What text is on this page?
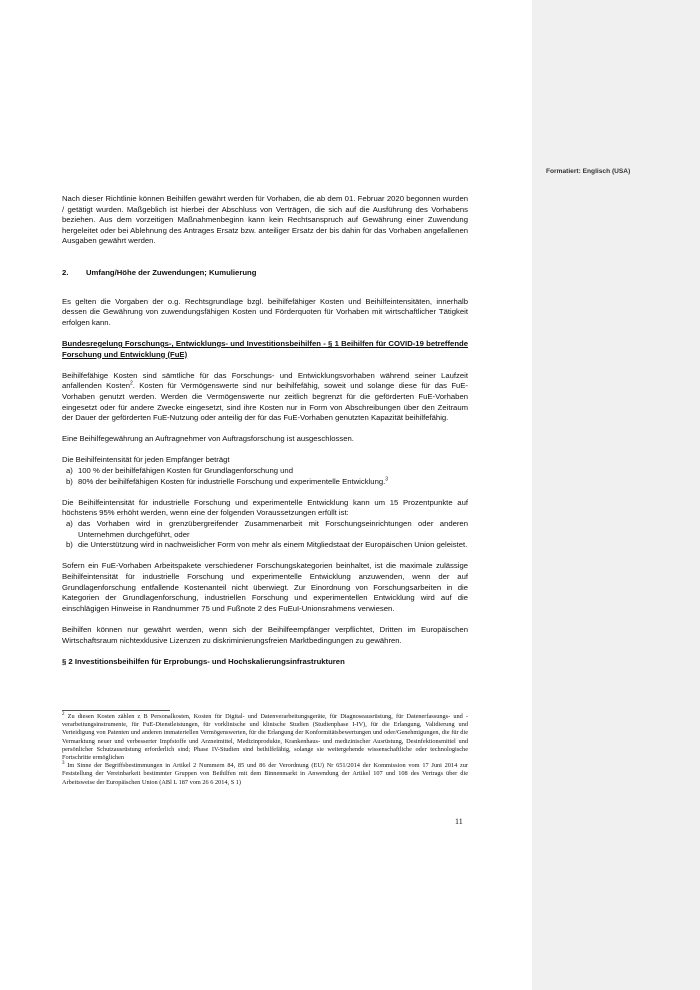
Formatiert: Englisch (USA)

Nach dieser Richtlinie können Beihilfen gewährt werden für Vorhaben, die ab dem 01. Februar 2020 begonnen wurden / getätigt wurden. Maßgeblich ist hierbei der Abschluss von Verträgen, die sich auf die Ausführung des Vorhabens beziehen. Aus dem vorzeitigen Maßnahmenbeginn kann kein Rechtsanspruch auf Gewährung einer Zuwendung hergeleitet oder bei Ablehnung des Antrages Ersatz bzw. anteiliger Ersatz der bis dahin für das Vorhaben angefallenen Ausgaben gewährt werden.

2. Umfang/Höhe der Zuwendungen; Kumulierung

Es gelten die Vorgaben der o.g. Rechtsgrundlage bzgl. beihilfefähiger Kosten und Beihilfeintensitäten, innerhalb dessen die Gewährung von zuwendungsfähigen Kosten und Förderquoten für Vorhaben mit wirtschaftlicher Tätigkeit erfolgen kann.

Bundesregelung Forschungs-, Entwicklungs- und Investitionsbeihilfen - § 1 Beihilfen für COVID-19 betreffende Forschung und Entwicklung (FuE)

Beihilfefähige Kosten sind sämtliche für das Forschungs- und Entwicklungsvorhaben während seiner Laufzeit anfallenden Kosten$^2$. Kosten für Vermögenswerte sind nur beihilfefähig, soweit und solange diese für das FuE-Vorhaben genutzt werden. Werden die Vermögenswerte nur zeitlich begrenzt für die geförderten FuE-Vorhaben eingesetzt oder für andere Zwecke eingesetzt, sind ihre Kosten nur in Form von Abschreibungen über den Zeitraum der Dauer der geförderten FuE-Nutzung oder anteilig der für das FuE-Vorhaben genutzten Kapazität beihilfefähig.

Eine Beihilfegewährung an Auftragnehmer von Auftragsforschung ist ausgeschlossen.

Die Beihilfeintensität für jeden Empfänger beträgt

a) 100 % der beihilfefähigen Kosten für Grundlagenforschung und
b) 80% der beihilfefähigen Kosten für industrielle Forschung und experimentelle Entwicklung.$^3$

Die Beihilfeintensität für industrielle Forschung und experimentelle Entwicklung kann um 15 Prozentpunkte auf höchstens 95% erhöht werden, wenn eine der folgenden Voraussetzungen erfüllt ist:

a) das Vorhaben wird in grenzübergreifender Zusammenarbeit mit Forschungseinrichtungen oder anderen Unternehmen durchgeführt, oder
b) die Unterstützung wird in nachweislicher Form von mehr als einem Mitgliedstaat der Europäischen Union geleistet.

Sofern ein FuE-Vorhaben Arbeitspakete verschiedener Forschungskategorien beinhaltet, ist die maximale zulässige Beihilfeintensität für industrielle Forschung und experimentelle Entwicklung anzuwenden, wenn der auf Grundlagenforschung entfallende Kostenanteil nicht überwiegt. Zur Einordnung von Forschungsarbeiten in die Kategorien der Grundlagenforschung, industriellen Forschung und experimentellen Entwicklung wird auf die einschlägigen Hinweise in Randnummer 75 und Fußnote 2 des FuEuI-Unionsrahmens verwiesen.

Beihilfen können nur gewährt werden, wenn sich der Beihilfeempfänger verpflichtet, Dritten im Europäischen Wirtschaftsraum nichtexklusive Lizenzen zu diskriminierungsfreien Marktbedingungen zu gewähren.

§ 2 Investitionsbeihilfen für Erprobungs- und Hochskalierungsinfrastrukturen

$^2$ Zu diesen Kosten zählen z B Personalkosten, Kosten für Digital- und Datenverarbeitungsgeräte, für Diagnoseausrüstung, für Datenerfassungs- und -verarbeitungsinstrumente, für FuE-Dienstleistungen, für vorklinische und klinische Studien (Studienphase I-IV), für die Erlangung, Validierung und Verteidigung von Patenten und anderen immateriellen Vermögenswerten, für die Erlangung der Konformitätsbewertungen und oder/Genehmigungen, die für die Vermarktung neuer und verbesserter Impfstoffe und Arzneimittel, Medizinprodukte, Krankenhaus- und medizinischer Ausrüstung, Desinfektionsmittel und persönlicher Schutzausrüstung erforderlich sind; Phase IV-Studien sind beihilfefähig, solange sie weitergehende wissenschaftliche oder technologische Fortschritte ermöglichen

$^3$ Im Sinne der Begriffsbestimmungen in Artikel 2 Nummern 84, 85 und 86 der Verordnung (EU) Nr 651/2014 der Kommission vom 17 Juni 2014 zur Feststellung der Vereinbarkeit bestimmter Gruppen von Beihilfen mit dem Binnenmarkt in Anwendung der Artikel 107 und 108 des Vertrags über die Arbeitsweise der Europäischen Union (ABl L 187 vom 26 6 2014, S 1)

11
